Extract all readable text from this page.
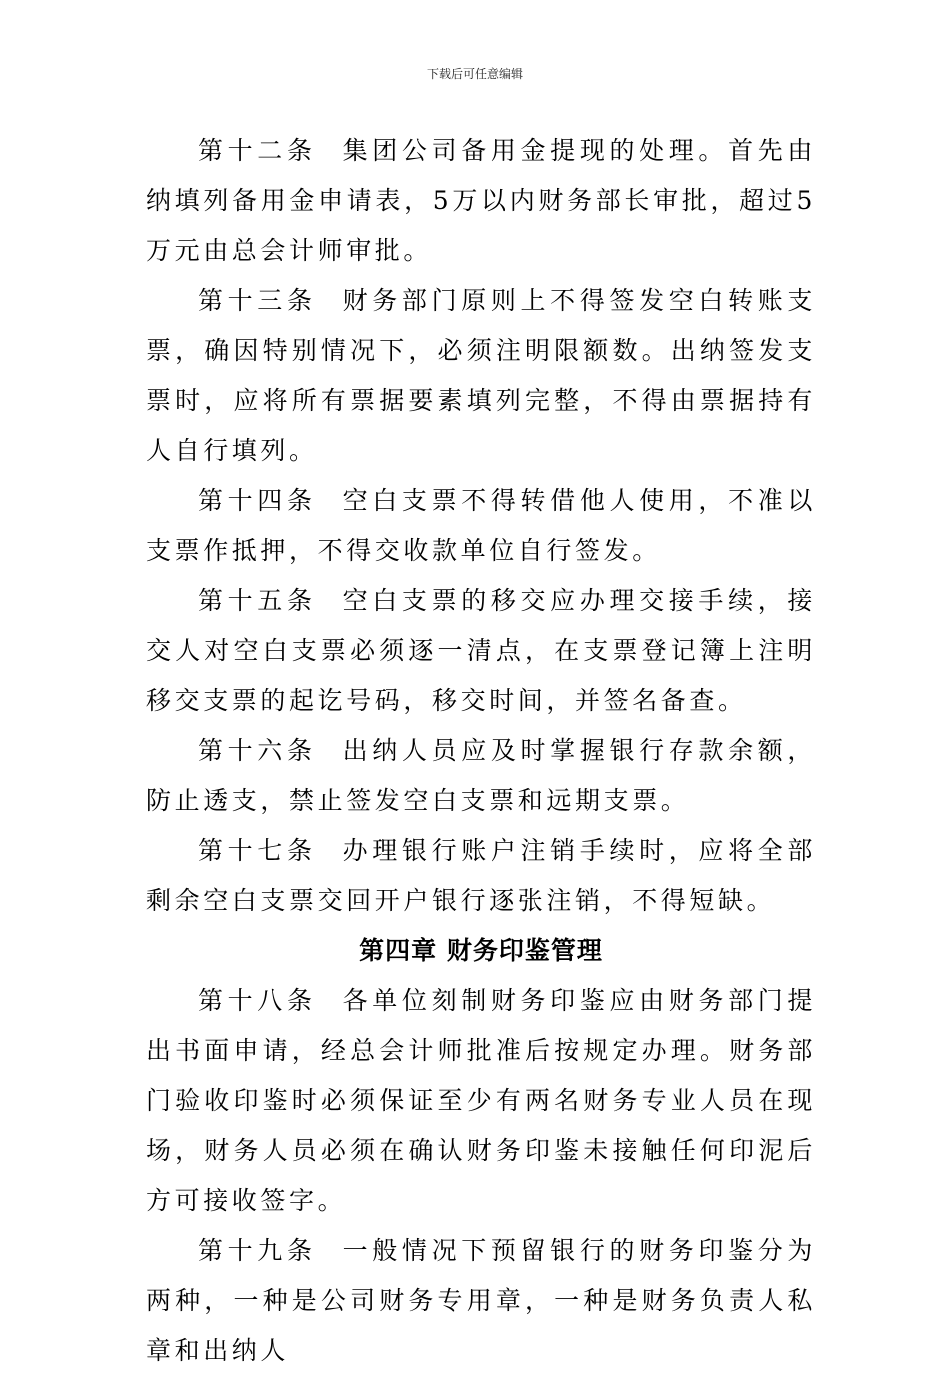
下载后可任意编辑

第十二条 集团公司备用金提现的处理。首先由纳填列备用金申请表，5万以内财务部长审批，超过5万元由总会计师审批。

第十三条 财务部门原则上不得签发空白转账支票，确因特别情况下，必须注明限额数。出纳签发支票时，应将所有票据要素填列完整，不得由票据持有人自行填列。

第十四条 空白支票不得转借他人使用，不准以支票作抵押，不得交收款单位自行签发。

第十五条 空白支票的移交应办理交接手续，接交人对空白支票必须逐一清点，在支票登记簿上注明移交支票的起讫号码，移交时间，并签名备查。

第十六条 出纳人员应及时掌握银行存款余额，防止透支，禁止签发空白支票和远期支票。

第十七条 办理银行账户注销手续时，应将全部剩余空白支票交回开户银行逐张注销，不得短缺。

第四章 财务印鉴管理

第十八条 各单位刻制财务印鉴应由财务部门提出书面申请，经总会计师批准后按规定办理。财务部门验收印鉴时必须保证至少有两名财务专业人员在现场，财务人员必须在确认财务印鉴未接触任何印泥后方可接收签字。

第十九条 一般情况下预留银行的财务印鉴分为两种，一种是公司财务专用章，一种是财务负责人私章和出纳人
